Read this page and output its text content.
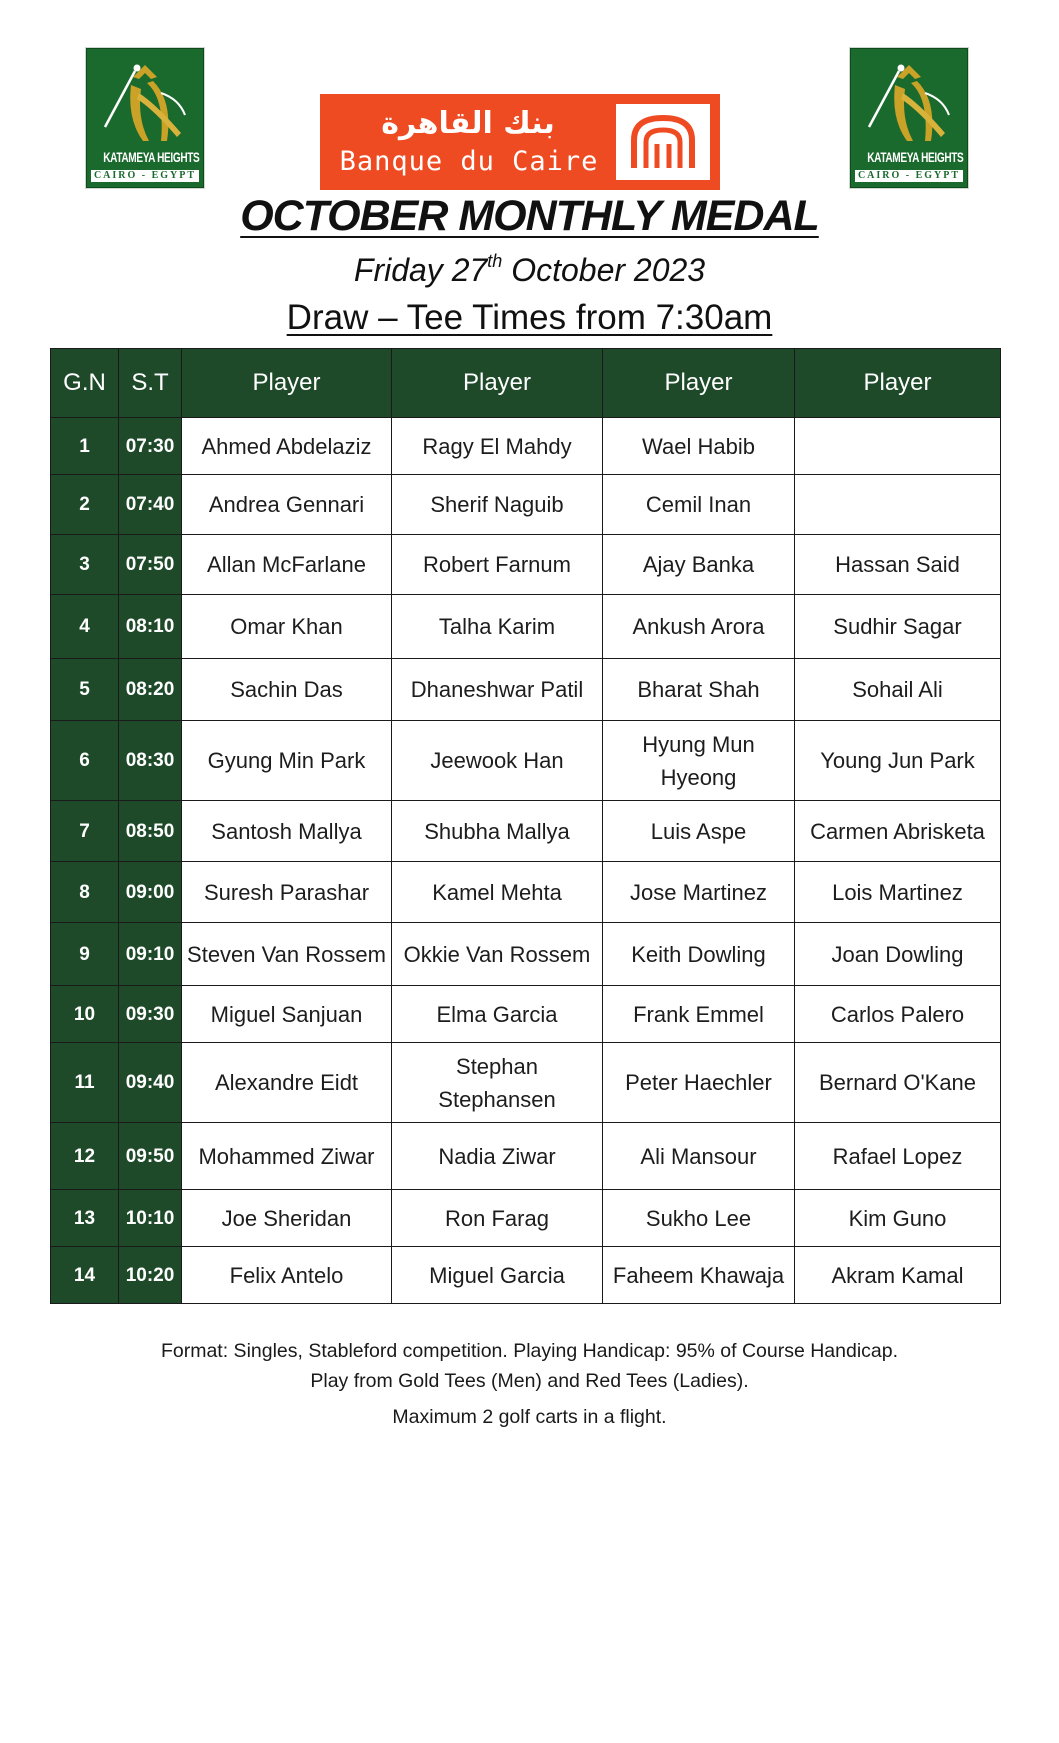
KATAMEYA HEIGHTS
CAIRO - EGYPT
KATAMEYA HEIGHTS
CAIRO - EGYPT
بنك القاهرة
Banque du Caire
OCTOBER MONTHLY MEDAL
Friday 27th October 2023
Draw – Tee Times from 7:30am
G.N	S.T	Player	Player	Player	Player
1	07:30	Ahmed Abdelaziz	Ragy El Mahdy	Wael Habib	
2	07:40	Andrea Gennari	Sherif Naguib	Cemil Inan	
3	07:50	Allan McFarlane	Robert Farnum	Ajay Banka	Hassan Said
4	08:10	Omar Khan	Talha Karim	Ankush Arora	Sudhir Sagar
5	08:20	Sachin Das	Dhaneshwar Patil	Bharat Shah	Sohail Ali
6	08:30	Gyung Min Park	Jeewook Han	Hyung Mun Hyeong	Young Jun Park
7	08:50	Santosh Mallya	Shubha Mallya	Luis Aspe	Carmen Abrisketa
8	09:00	Suresh Parashar	Kamel Mehta	Jose Martinez	Lois Martinez
9	09:10	Steven Van Rossem	Okkie Van Rossem	Keith Dowling	Joan Dowling
10	09:30	Miguel Sanjuan	Elma Garcia	Frank Emmel	Carlos Palero
11	09:40	Alexandre Eidt	Stephan Stephansen	Peter Haechler	Bernard O'Kane
12	09:50	Mohammed Ziwar	Nadia Ziwar	Ali Mansour	Rafael Lopez
13	10:10	Joe Sheridan	Ron Farag	Sukho Lee	Kim Guno
14	10:20	Felix Antelo	Miguel Garcia	Faheem Khawaja	Akram Kamal
Format: Singles, Stableford competition. Playing Handicap: 95% of Course Handicap.
Play from Gold Tees (Men) and Red Tees (Ladies).
Maximum 2 golf carts in a flight.
